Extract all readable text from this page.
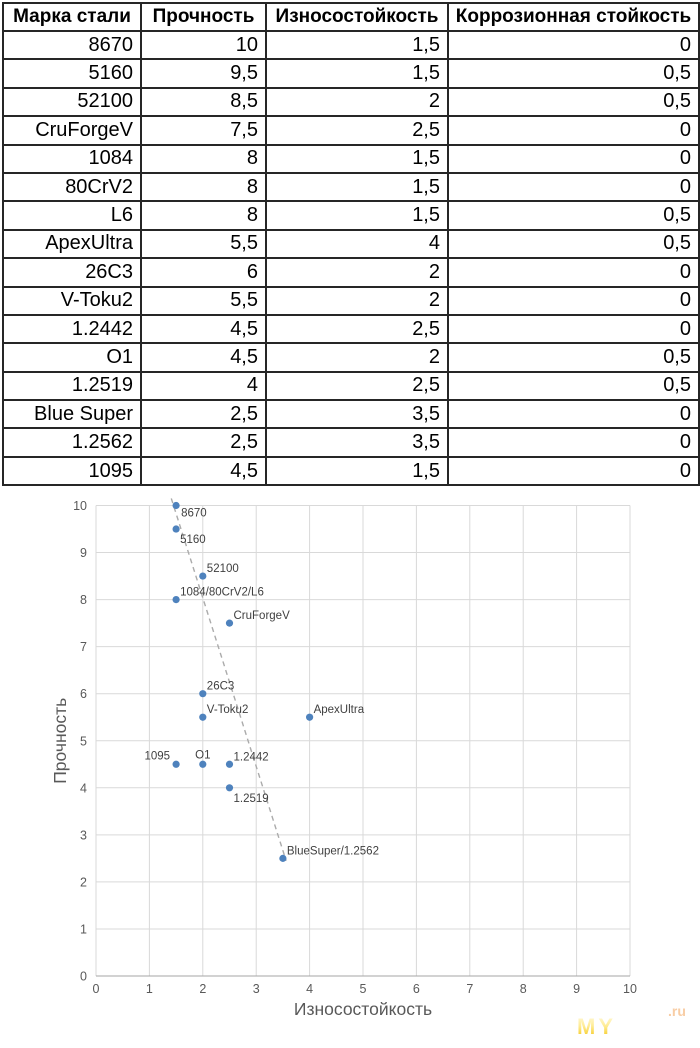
Марка стали	Прочность	Износостойкость	Коррозионная стойкость
8670	10	1,5	0
5160	9,5	1,5	0,5
52100	8,5	2	0,5
CruForgeV	7,5	2,5	0
1084	8	1,5	0
80CrV2	8	1,5	0
L6	8	1,5	0,5
ApexUltra	5,5	4	0,5
26C3	6	2	0
V-Toku2	5,5	2	0
1.2442	4,5	2,5	0
O1	4,5	2	0,5
1.2519	4	2,5	0,5
Blue Super	2,5	3,5	0
1.2562	2,5	3,5	0
1095	4,5	1,5	0
0	1	2	3	4	5	6	7	8	9	10
0
1
2
3
4
5
6
7
8
9
10
8670
5160
52100
1084/80CrV2/L6
CruForgeV
26C3
V-Toku2	ApexUltra
1095 O1 1.2442
1.2519
BlueSuper/1.2562
Износостойкость
Прочность
MY
.ru
